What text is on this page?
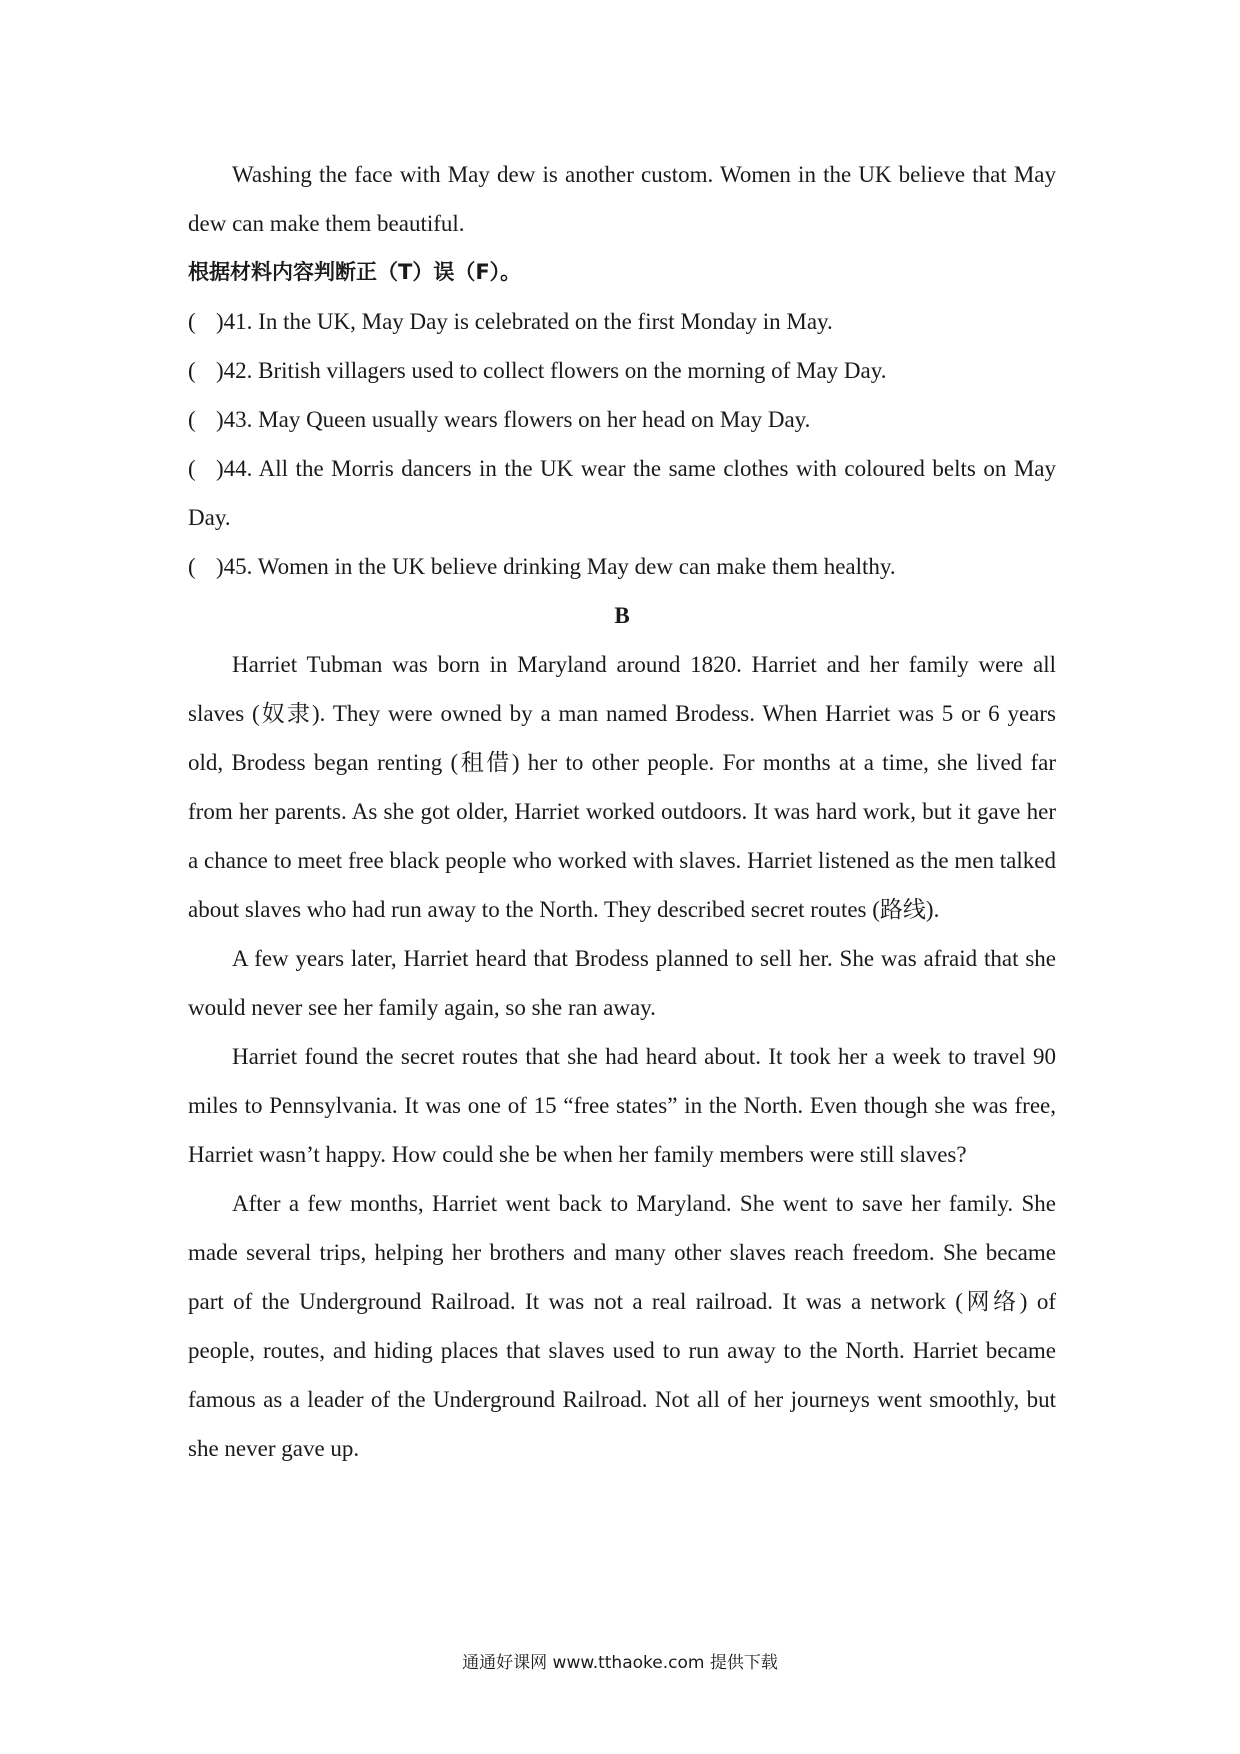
Washing the face with May dew is another custom. Women in the UK believe that May dew can make them beautiful.

根据材料内容判断正（T）误（F）。

( )41. In the UK, May Day is celebrated on the first Monday in May.

( )42. British villagers used to collect flowers on the morning of May Day.

( )43. May Queen usually wears flowers on her head on May Day.

( )44. All the Morris dancers in the UK wear the same clothes with coloured belts on May Day.

( )45. Women in the UK believe drinking May dew can make them healthy.

B

Harriet Tubman was born in Maryland around 1820. Harriet and her family were all slaves (奴隶). They were owned by a man named Brodess. When Harriet was 5 or 6 years old, Brodess began renting (租借) her to other people. For months at a time, she lived far from her parents. As she got older, Harriet worked outdoors. It was hard work, but it gave her a chance to meet free black people who worked with slaves. Harriet listened as the men talked about slaves who had run away to the North. They described secret routes (路线).

A few years later, Harriet heard that Brodess planned to sell her. She was afraid that she would never see her family again, so she ran away.

Harriet found the secret routes that she had heard about. It took her a week to travel 90 miles to Pennsylvania. It was one of 15 “free states” in the North. Even though she was free, Harriet wasn’t happy. How could she be when her family members were still slaves?

After a few months, Harriet went back to Maryland. She went to save her family. She made several trips, helping her brothers and many other slaves reach freedom. She became part of the Underground Railroad. It was not a real railroad. It was a network (网络) of people, routes, and hiding places that slaves used to run away to the North. Harriet became famous as a leader of the Underground Railroad. Not all of her journeys went smoothly, but she never gave up.

通通好课网 www.tthaoke.com 提供下载
